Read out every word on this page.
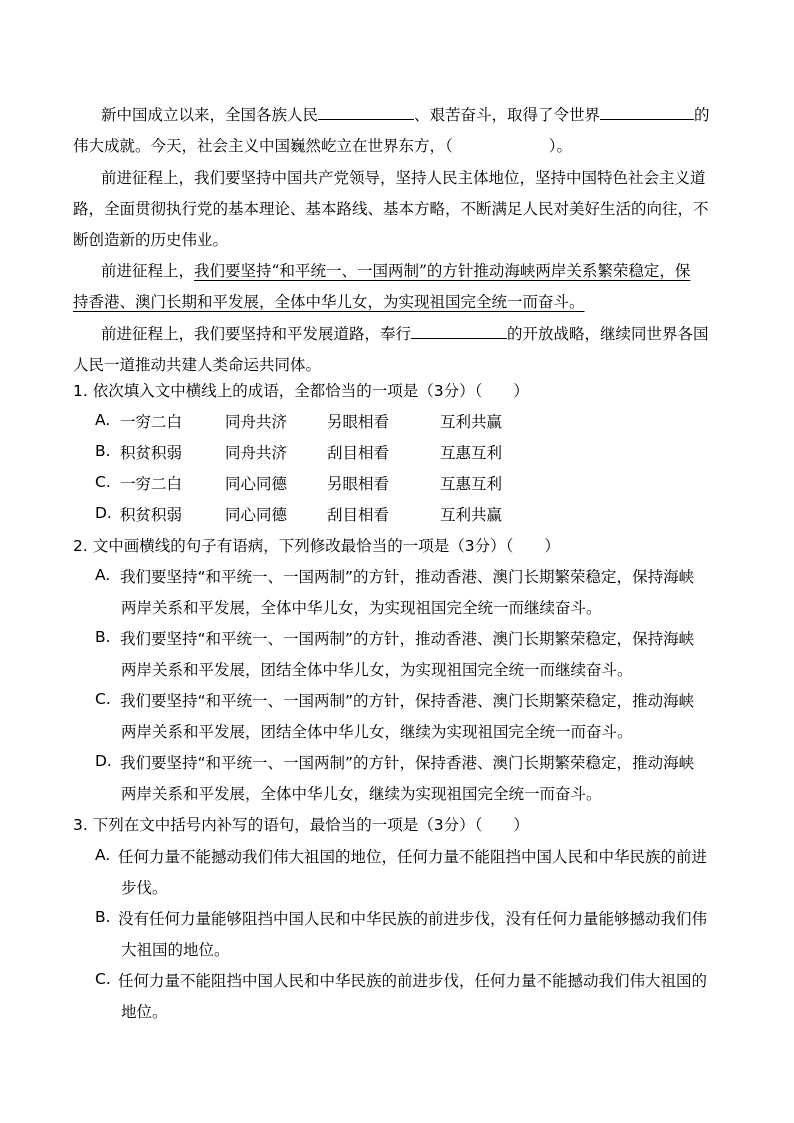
新中国成立以来，全国各族人民	、艰苦奋斗，取得了令世界	的
伟大成就。今天，社会主义中国巍然屹立在世界东方，（	）。
前进征程上，我们要坚持中国共产党领导，坚持人民主体地位，坚持中国特色社会主义道
路，全面贯彻执行党的基本理论、基本路线、基本方略，不断满足人民对美好生活的向往，不
断创造新的历史伟业。
前进征程上，我们要坚持“和平统一、一国两制”的方针推动海峡两岸关系繁荣稳定，保
持香港、澳门长期和平发展，全体中华儿女，为实现祖国完全统一而奋斗。
前进征程上，我们要坚持和平发展道路，奉行	的开放战略，继续同世界各国
人民一道推动共建人类命运共同体。
1. 依次填入文中横线上的成语，全都恰当的一项是（3分）（　　）
A. 一穷二白	同舟共济	另眼相看	互利共赢
B. 积贫积弱	同舟共济	刮目相看	互惠互利
C. 一穷二白	同心同德	另眼相看	互惠互利
D. 积贫积弱	同心同德	刮目相看	互利共赢
2. 文中画横线的句子有语病，下列修改最恰当的一项是（3分）（　　）
A. 我们要坚持“和平统一、一国两制”的方针，推动香港、澳门长期繁荣稳定，保持海峡
两岸关系和平发展，全体中华儿女，为实现祖国完全统一而继续奋斗。
B. 我们要坚持“和平统一、一国两制”的方针，推动香港、澳门长期繁荣稳定，保持海峡
两岸关系和平发展，团结全体中华儿女，为实现祖国完全统一而继续奋斗。
C. 我们要坚持“和平统一、一国两制”的方针，保持香港、澳门长期繁荣稳定，推动海峡
两岸关系和平发展，团结全体中华儿女，继续为实现祖国完全统一而奋斗。
D. 我们要坚持“和平统一、一国两制”的方针，保持香港、澳门长期繁荣稳定，推动海峡
两岸关系和平发展，全体中华儿女，继续为实现祖国完全统一而奋斗。
3. 下列在文中括号内补写的语句，最恰当的一项是（3分）（　　）
A. 任何力量不能撼动我们伟大祖国的地位，任何力量不能阻挡中国人民和中华民族的前进
步伐。
B. 没有任何力量能够阻挡中国人民和中华民族的前进步伐，没有任何力量能够撼动我们伟
大祖国的地位。
C. 任何力量不能阻挡中国人民和中华民族的前进步伐，任何力量不能撼动我们伟大祖国的
地位。
